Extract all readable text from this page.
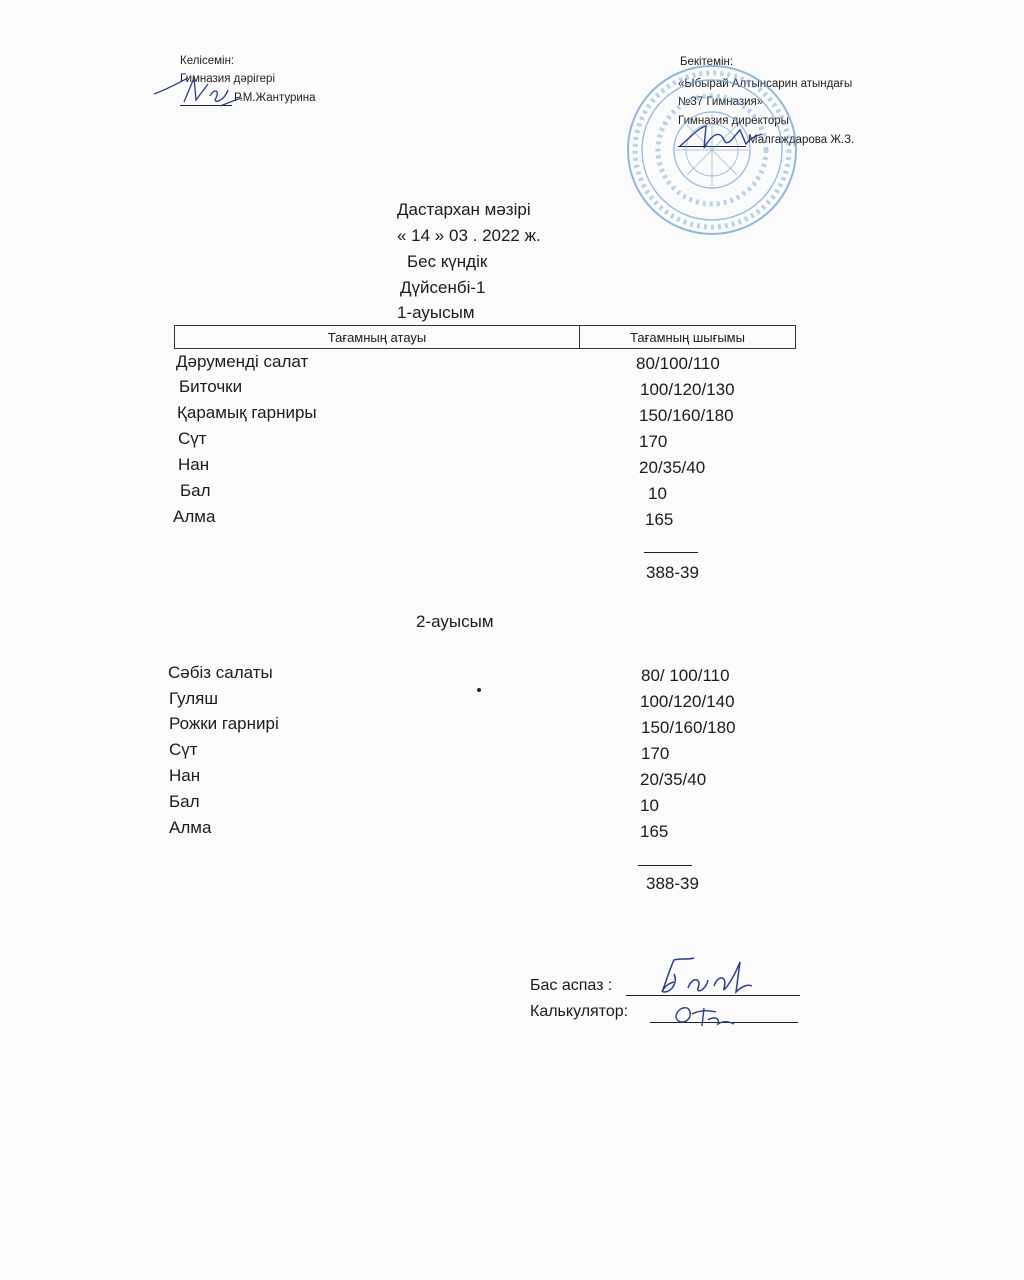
Келісемін:
Гимназия дәрігері
Р.М.Жантурина
Бекітемін:
«Ыбырай Алтынсарин атындағы
№37 Гимназия»
Гимназия директоры
Малгаждарова Ж.З.
Дастархан мәзірі
« 14 » 03 . 2022 ж.
Бес күндік
Дүйсенбі-1
1-ауысым
Тағамның атауы	Тағамның шығымы
Дәруменді салат	80/100/110
Биточки	100/120/130
Қарамық гарниры	150/160/180
Сүт	170
Нан	20/35/40
Бал	10
Алма	165
388-39
2-ауысым
Сәбіз салаты	80/ 100/110
Гуляш	100/120/140
Рожки гарнирі	150/160/180
Сүт	170
Нан	20/35/40
Бал	10
Алма	165
388-39
Бас аспаз :
Калькулятор:
